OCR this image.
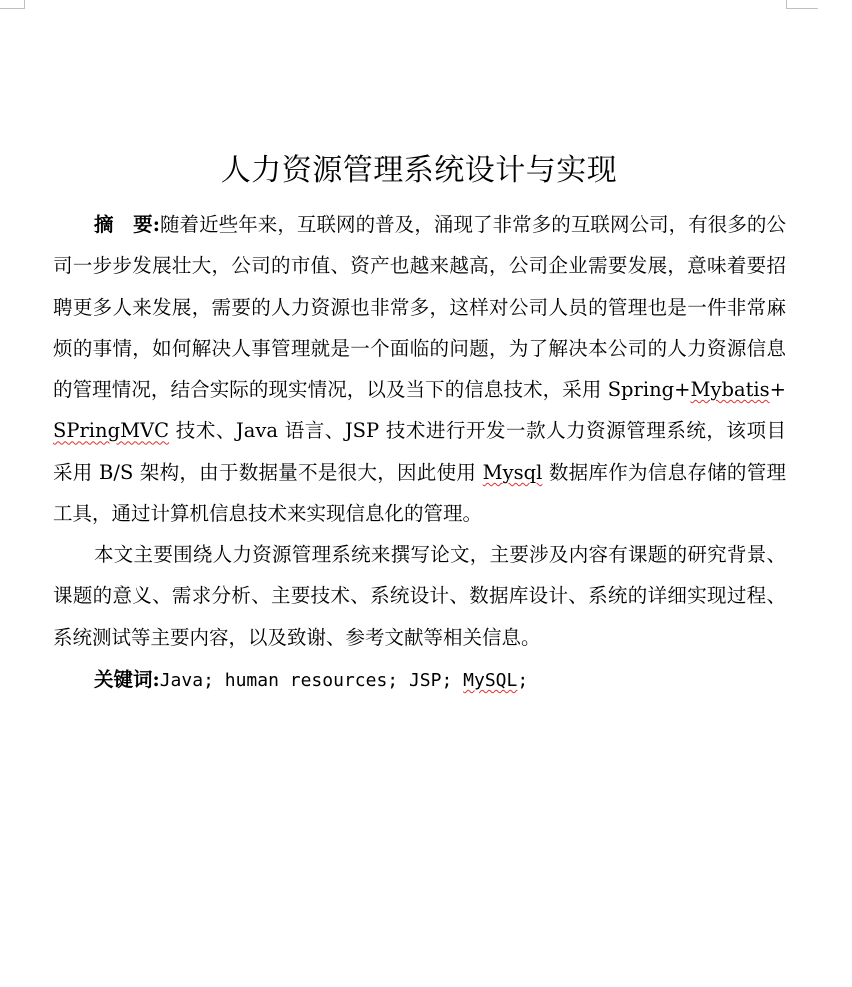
人力资源管理系统设计与实现

摘　要:随着近些年来，互联网的普及，涌现了非常多的互联网公司，有很多的公司一步步发展壮大，公司的市值、资产也越来越高，公司企业需要发展，意味着要招聘更多人来发展，需要的人力资源也非常多，这样对公司人员的管理也是一件非常麻烦的事情，如何解决人事管理就是一个面临的问题，为了解决本公司的人力资源信息的管理情况，结合实际的现实情况，以及当下的信息技术，采用 Spring+Mybatis+SPringMVC 技术、Java 语言、JSP 技术进行开发一款人力资源管理系统，该项目采用 B/S 架构，由于数据量不是很大，因此使用 Mysql 数据库作为信息存储的管理工具，通过计算机信息技术来实现信息化的管理。

本文主要围绕人力资源管理系统来撰写论文，主要涉及内容有课题的研究背景、课题的意义、需求分析、主要技术、系统设计、数据库设计、系统的详细实现过程、系统测试等主要内容，以及致谢、参考文献等相关信息。

关键词:Java; human resources; JSP; MySQL;
